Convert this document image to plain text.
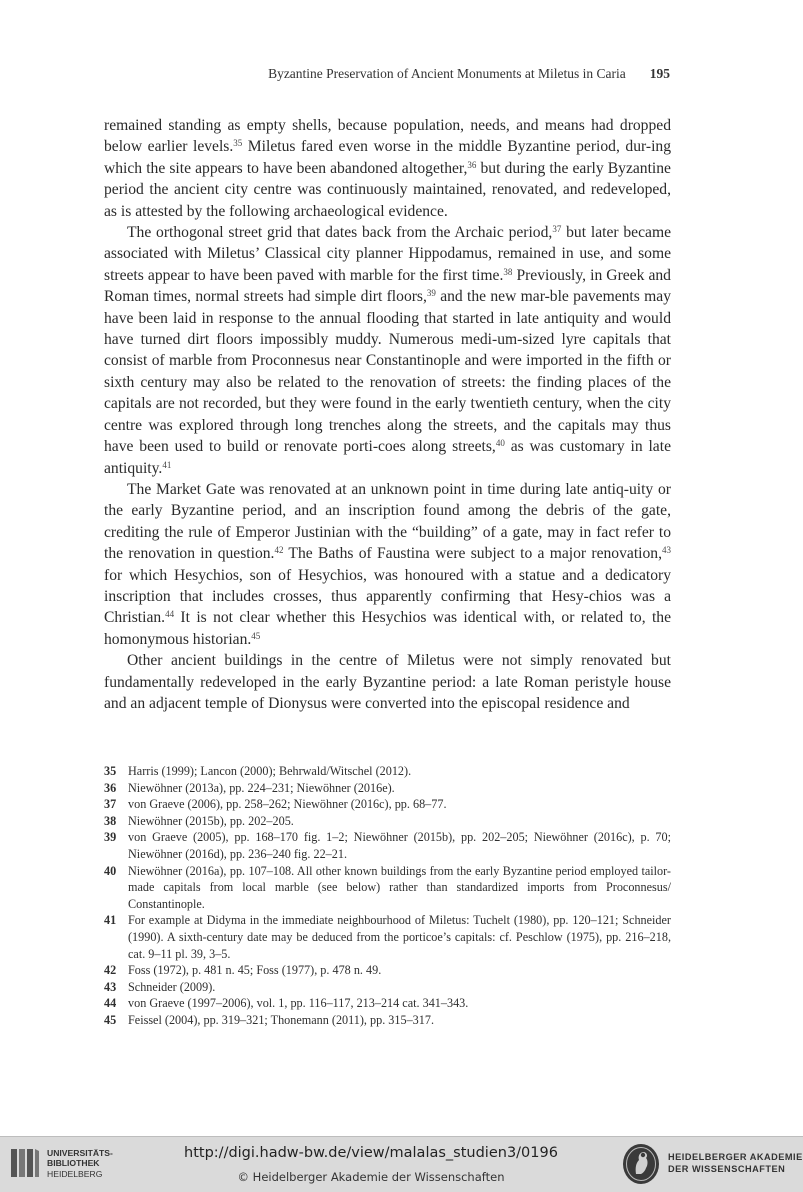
Byzantine Preservation of Ancient Monuments at Miletus in Caria 195

remained standing as empty shells, because population, needs, and means had dropped below earlier levels.$^{35}$ Miletus fared even worse in the middle Byzantine period, dur-ing which the site appears to have been abandoned altogether,$^{36}$ but during the early Byzantine period the ancient city centre was continuously maintained, renovated, and redeveloped, as is attested by the following archaeological evidence.

The orthogonal street grid that dates back from the Archaic period,$^{37}$ but later became associated with Miletus’ Classical city planner Hippodamus, remained in use, and some streets appear to have been paved with marble for the first time.$^{38}$ Previously, in Greek and Roman times, normal streets had simple dirt floors,$^{39}$ and the new mar-ble pavements may have been laid in response to the annual flooding that started in late antiquity and would have turned dirt floors impossibly muddy. Numerous medi-um-sized lyre capitals that consist of marble from Proconnesus near Constantinople and were imported in the fifth or sixth century may also be related to the renovation of streets: the finding places of the capitals are not recorded, but they were found in the early twentieth century, when the city centre was explored through long trenches along the streets, and the capitals may thus have been used to build or renovate porti-coes along streets,$^{40}$ as was customary in late antiquity.$^{41}$

The Market Gate was renovated at an unknown point in time during late antiq-uity or the early Byzantine period, and an inscription found among the debris of the gate, crediting the rule of Emperor Justinian with the “building” of a gate, may in fact refer to the renovation in question.$^{42}$ The Baths of Faustina were subject to a major renovation,$^{43}$ for which Hesychios, son of Hesychios, was honoured with a statue and a dedicatory inscription that includes crosses, thus apparently confirming that Hesy-chios was a Christian.$^{44}$ It is not clear whether this Hesychios was identical with, or related to, the homonymous historian.$^{45}$

Other ancient buildings in the centre of Miletus were not simply renovated but fundamentally redeveloped in the early Byzantine period: a late Roman peristyle house and an adjacent temple of Dionysus were converted into the episcopal residence and

35 Harris (1999); Lancon (2000); Behrwald/Witschel (2012).
36 Niewöhner (2013a), pp. 224–231; Niewöhner (2016e).
37 von Graeve (2006), pp. 258–262; Niewöhner (2016c), pp. 68–77.
38 Niewöhner (2015b), pp. 202–205.
39 von Graeve (2005), pp. 168–170 fig. 1–2; Niewöhner (2015b), pp. 202–205; Niewöhner (2016c), p. 70; Niewöhner (2016d), pp. 236–240 fig. 22–21.
40 Niewöhner (2016a), pp. 107–108. All other known buildings from the early Byzantine period employed tailor-made capitals from local marble (see below) rather than standardized imports from Proconnesus/ Constantinople.
41 For example at Didyma in the immediate neighbourhood of Miletus: Tuchelt (1980), pp. 120–121; Schneider (1990). A sixth-century date may be deduced from the porticoe’s capitals: cf. Peschlow (1975), pp. 216–218, cat. 9–11 pl. 39, 3–5.
42 Foss (1972), p. 481 n. 45; Foss (1977), p. 478 n. 49.
43 Schneider (2009).
44 von Graeve (1997–2006), vol. 1, pp. 116–117, 213–214 cat. 341–343.
45 Feissel (2004), pp. 319–321; Thonemann (2011), pp. 315–317.
UNIVERSITÄTS-
BIBLIOTHEK
HEIDELBERG
http://digi.hadw-bw.de/view/malalas_studien3/0196
© Heidelberger Akademie der Wissenschaften
HEIDELBERGER AKADEMIE
DER WISSENSCHAFTEN
